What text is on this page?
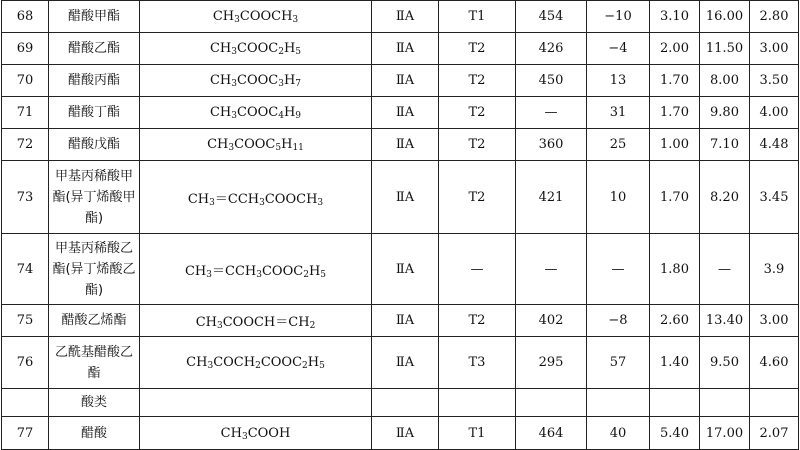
68	醋酸甲酯	$CH_3COOCH_3$	ⅡA	T1	454	−10	3.10	16.00	2.80
69	醋酸乙酯	$CH_3COOC_2H_5$	ⅡA	T2	426	−4	2.00	11.50	3.00
70	醋酸丙酯	$CH_3COOC_3H_7$	ⅡA	T2	450	13	1.70	8.00	3.50
71	醋酸丁酯	$CH_3COOC_4H_9$	ⅡA	T2	—	31	1.70	9.80	4.00
72	醋酸戊酯	$CH_3COOC_5H_{11}$	ⅡA	T2	360	25	1.00	7.10	4.48
73	甲基丙稀酸甲酯(异丁烯酸甲酯)	$CH_3=CCH_3COOCH_3$	ⅡA	T2	421	10	1.70	8.20	3.45
74	甲基丙稀酸乙酯(异丁烯酸乙酯)	$CH_3=CCH_3COOC_2H_5$	ⅡA	—	—	—	1.80	—	3.9
75	醋酸乙烯酯	$CH_3COOCH=CH_2$	ⅡA	T2	402	−8	2.60	13.40	3.00
76	乙酰基醋酸乙酯	$CH_3COCH_2COOC_2H_5$	ⅡA	T3	295	57	1.40	9.50	4.60
	酸类								
77	醋酸	$CH_3COOH$	ⅡA	T1	464	40	5.40	17.00	2.07
